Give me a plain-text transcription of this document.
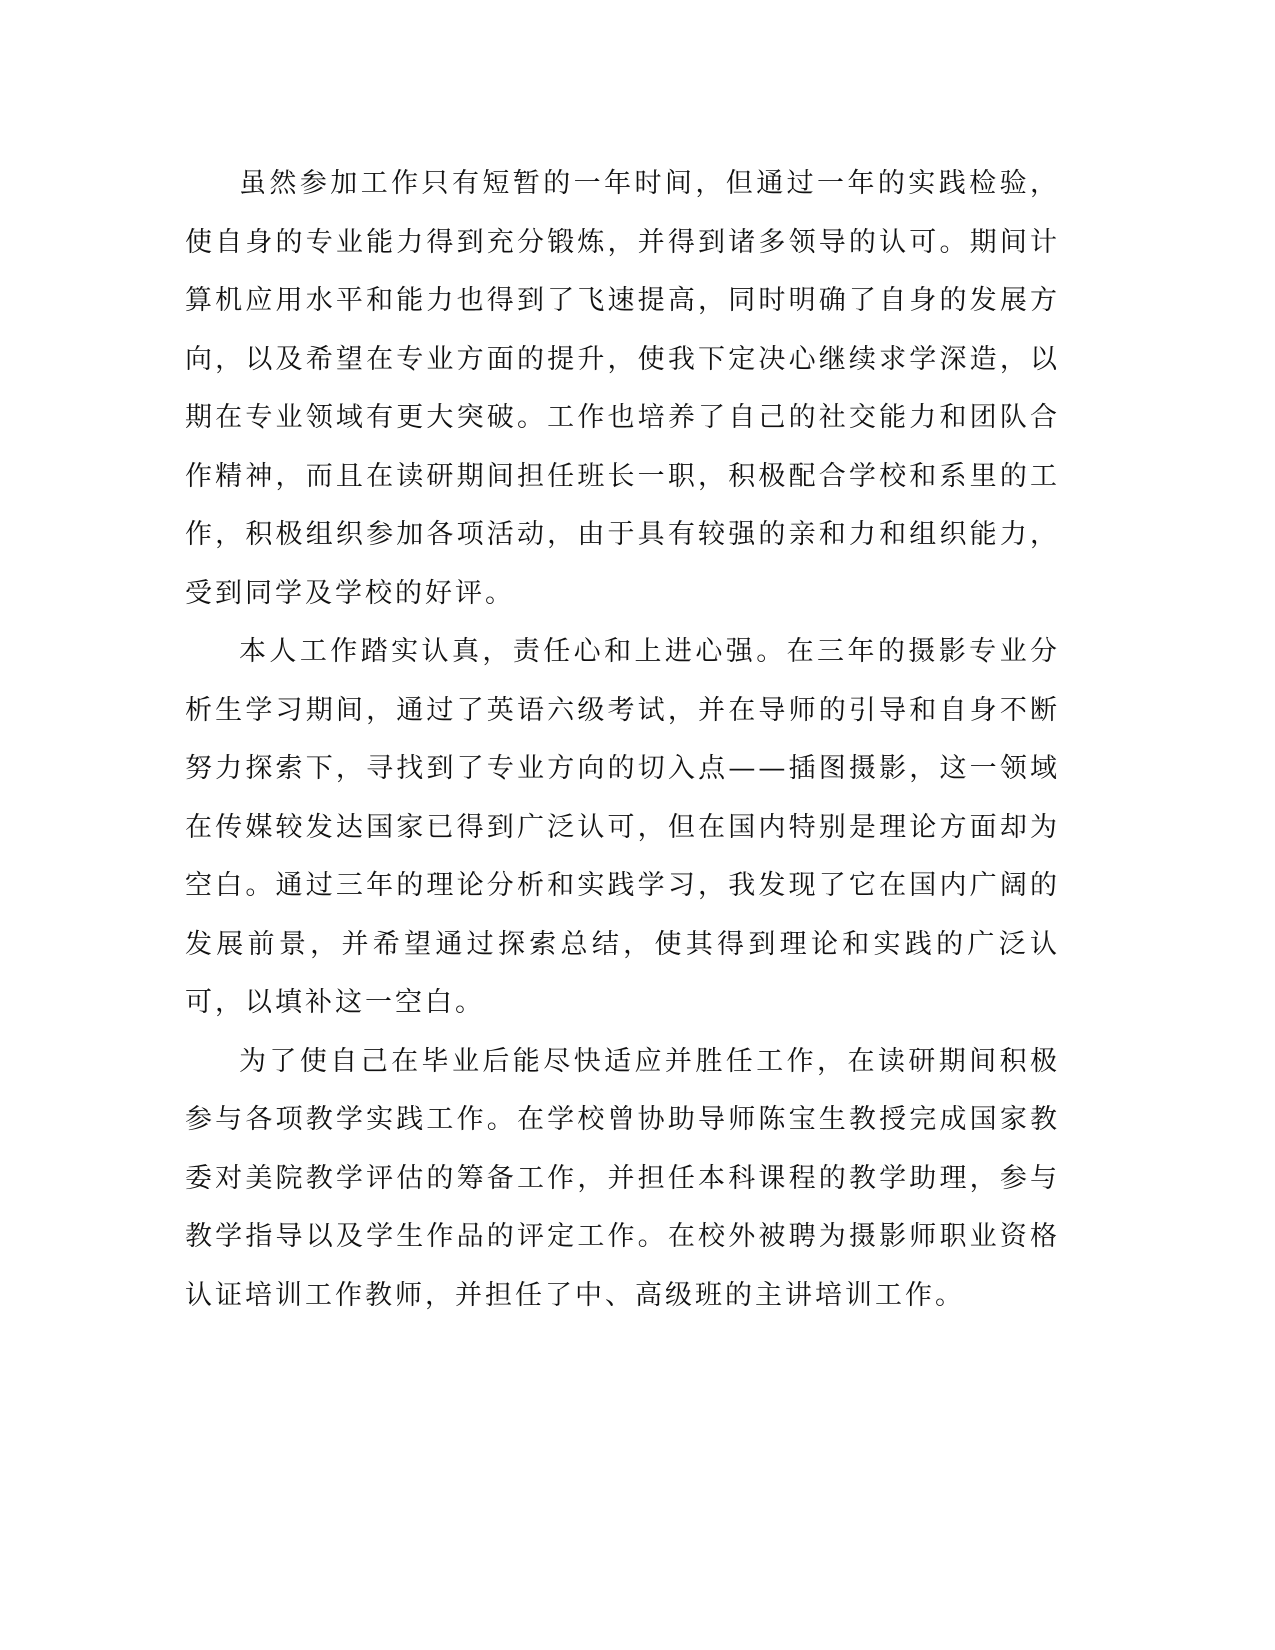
虽然参加工作只有短暂的一年时间，但通过一年的实践检验，使自身的专业能力得到充分锻炼，并得到诸多领导的认可。期间计算机应用水平和能力也得到了飞速提高，同时明确了自身的发展方向，以及希望在专业方面的提升，使我下定决心继续求学深造，以期在专业领域有更大突破。工作也培养了自己的社交能力和团队合作精神，而且在读研期间担任班长一职，积极配合学校和系里的工作，积极组织参加各项活动，由于具有较强的亲和力和组织能力，受到同学及学校的好评。

本人工作踏实认真，责任心和上进心强。在三年的摄影专业分析生学习期间，通过了英语六级考试，并在导师的引导和自身不断努力探索下，寻找到了专业方向的切入点——插图摄影，这一领域在传媒较发达国家已得到广泛认可，但在国内特别是理论方面却为空白。通过三年的理论分析和实践学习，我发现了它在国内广阔的发展前景，并希望通过探索总结，使其得到理论和实践的广泛认可，以填补这一空白。

为了使自己在毕业后能尽快适应并胜任工作，在读研期间积极参与各项教学实践工作。在学校曾协助导师陈宝生教授完成国家教委对美院教学评估的筹备工作，并担任本科课程的教学助理，参与教学指导以及学生作品的评定工作。在校外被聘为摄影师职业资格认证培训工作教师，并担任了中、高级班的主讲培训工作。
